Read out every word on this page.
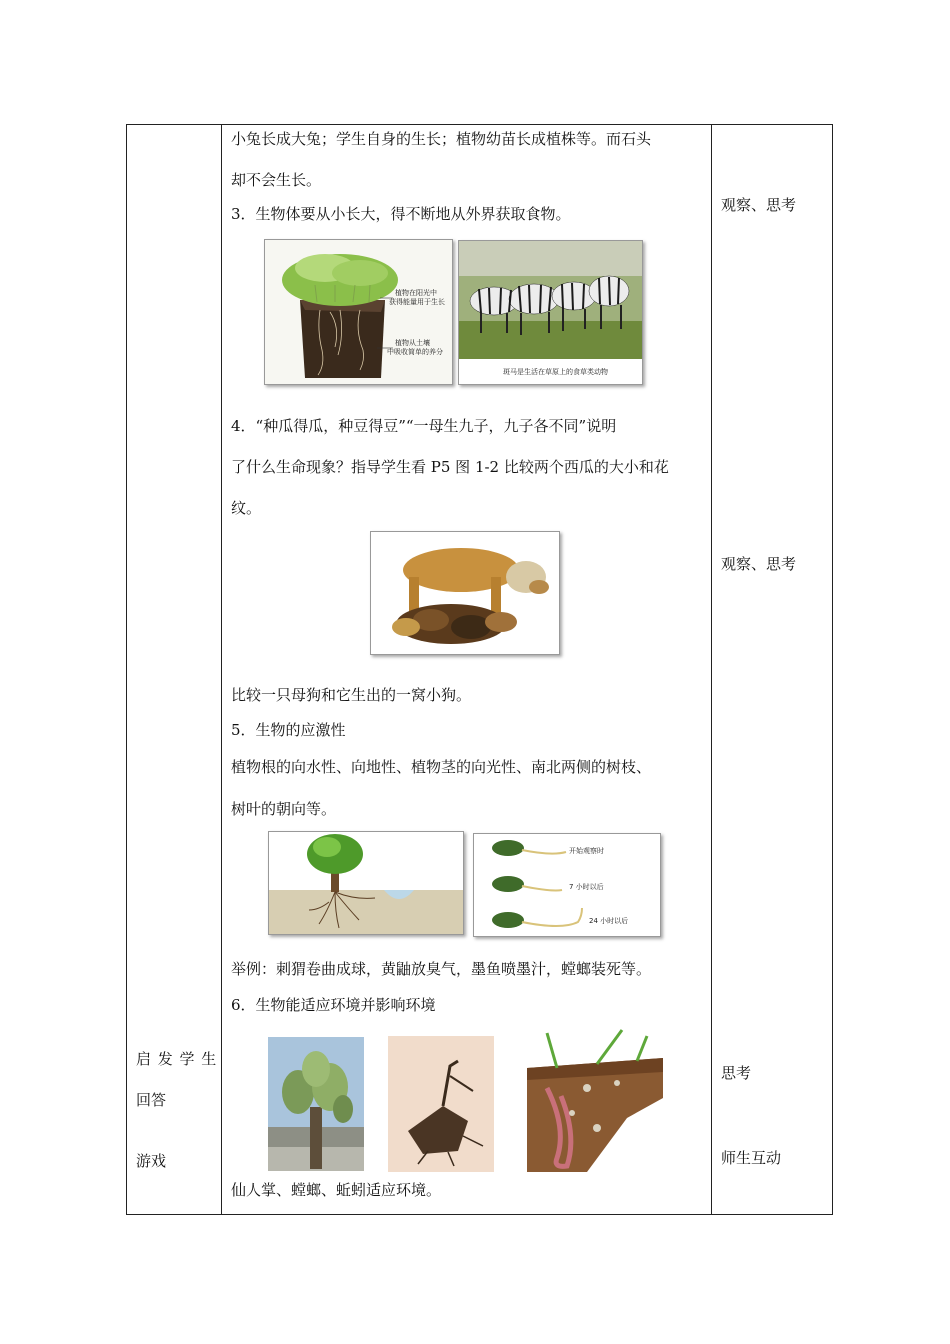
启 发 学 生
回答
游戏
观察、思考
观察、思考
思考
师生互动
小兔长成大兔；学生自身的生长；植物幼苗长成植株等。而石头
却不会生长。
3．生物体要从小长大，得不断地从外界获取食物。
植物在阳光中
获得能量用于生长
植物从土壤
中吸收简单的养分
斑马是生活在草原上的食草类动物
4．“种瓜得瓜，种豆得豆”“一母生九子，九子各不同”说明
了什么生命现象？指导学生看 P5 图 1-2 比较两个西瓜的大小和花
纹。
比较一只母狗和它生出的一窝小狗。
5．生物的应激性
植物根的向水性、向地性、植物茎的向光性、南北两侧的树枝、
树叶的朝向等。
开始观察时
7 小时以后
24 小时以后
举例：刺猬卷曲成球，黄鼬放臭气，墨鱼喷墨汁，螳螂装死等。
6．生物能适应环境并影响环境
仙人掌、螳螂、蚯蚓适应环境。
